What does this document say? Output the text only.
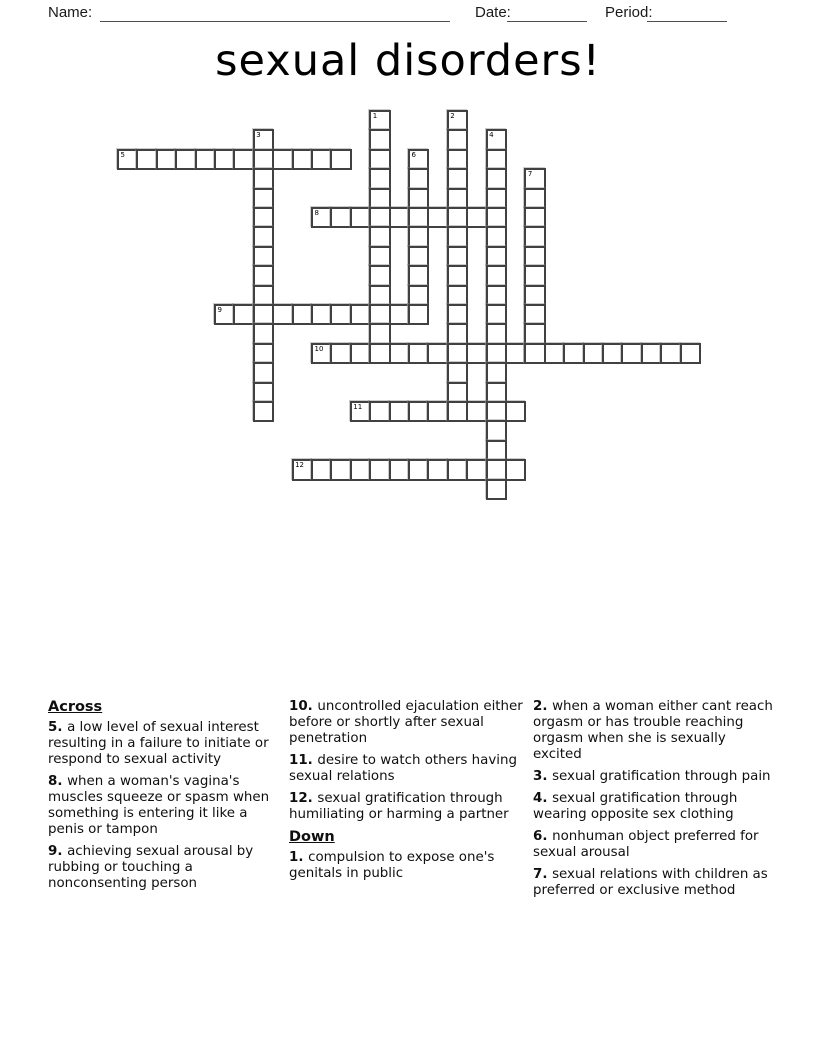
Name:	Date:	Period:
sexual disorders!
5
8
9
10
11
12
1	2
3	4
6
7
Across

5. a low level of sexual interest resulting in a failure to initiate or respond to sexual activity

8. when a woman's vagina's muscles squeeze or spasm when something is entering it like a penis or tampon

9. achieving sexual arousal by rubbing or touching a nonconsenting person

10. uncontrolled ejaculation either before or shortly after sexual penetration

11. desire to watch others having sexual relations

12. sexual gratification through humiliating or harming a partner

Down

1. compulsion to expose one's genitals in public

2. when a woman either cant reach orgasm or has trouble reaching orgasm when she is sexually excited

3. sexual gratification through pain

4. sexual gratification through wearing opposite sex clothing

6. nonhuman object preferred for sexual arousal

7. sexual relations with children as preferred or exclusive method
